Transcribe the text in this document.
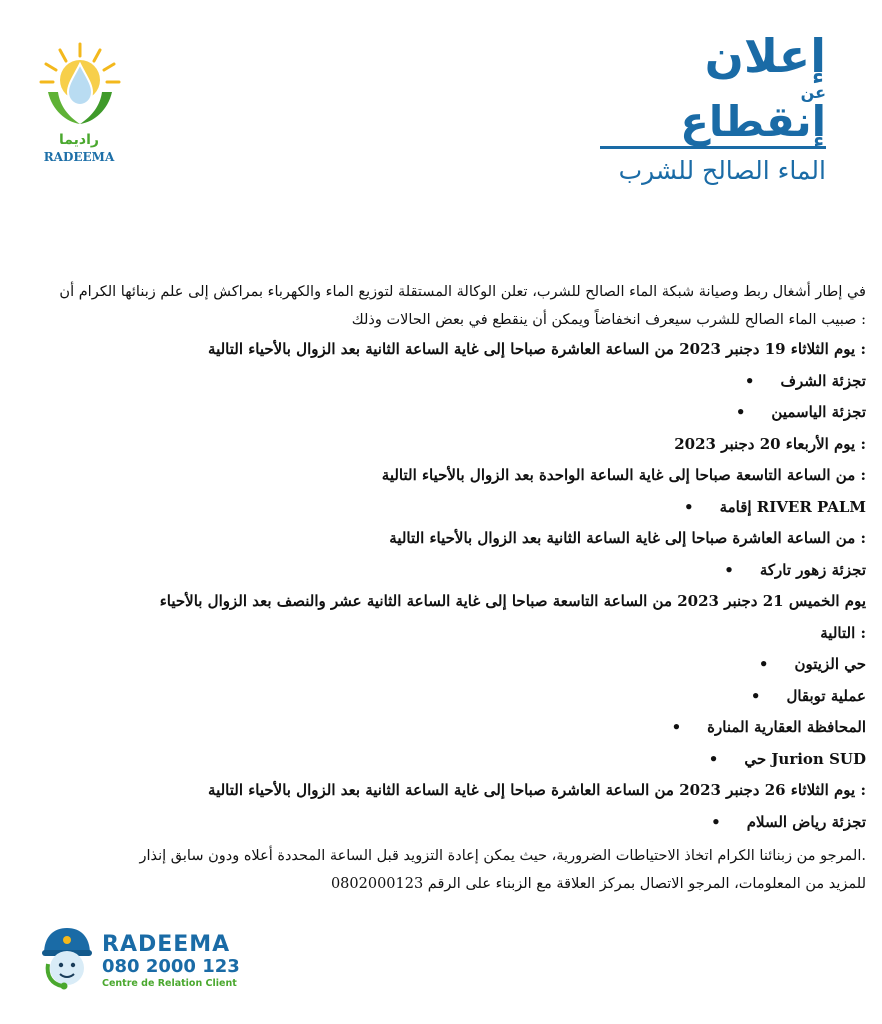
راديما
RADEEMA
إعلان
عن
إنقطاع
الماء الصالح للشرب
في إطار أشغال ربط وصيانة شبكة الماء الصالح للشرب، تعلن الوكالة المستقلة لتوزيع الماء والكهرباء بمراكش إلى علم زبنائها الكرام أن
: صبيب الماء الصالح للشرب سيعرف انخفاضاً ويمكن أن ينقطع في بعض الحالات وذلك
: يوم الثلاثاء 19 دجنبر 2023 من الساعة العاشرة صباحا إلى غاية الساعة الثانية بعد الزوال بالأحياء التالية
تجزئة الشرف•
تجزئة الياسمين•
: يوم الأربعاء 20 دجنبر 2023
: من الساعة التاسعة صباحا إلى غاية الساعة الواحدة بعد الزوال بالأحياء التالية
RIVER PALM إقامة•
: من الساعة العاشرة صباحا إلى غاية الساعة الثانية بعد الزوال بالأحياء التالية
تجزئة زهور تاركة•
يوم الخميس 21 دجنبر 2023 من الساعة التاسعة صباحا إلى غاية الساعة الثانية عشر والنصف بعد الزوال بالأحياء
: التالية
حي الزيتون•
عملية توبقال•
المحافظة العقارية المنارة•
Jurion SUD حي•
: يوم الثلاثاء 26 دجنبر 2023 من الساعة العاشرة صباحا إلى غاية الساعة الثانية بعد الزوال بالأحياء التالية
تجزئة رياض السلام•
.المرجو من زبنائنا الكرام اتخاذ الاحتياطات الضرورية، حيث يمكن إعادة التزويد قبل الساعة المحددة أعلاه ودون سابق إنذار
للمزيد من المعلومات، المرجو الاتصال بمركز العلاقة مع الزبناء على الرقم 0802000123
RADEEMA
080 2000 123
Centre de Relation Client
